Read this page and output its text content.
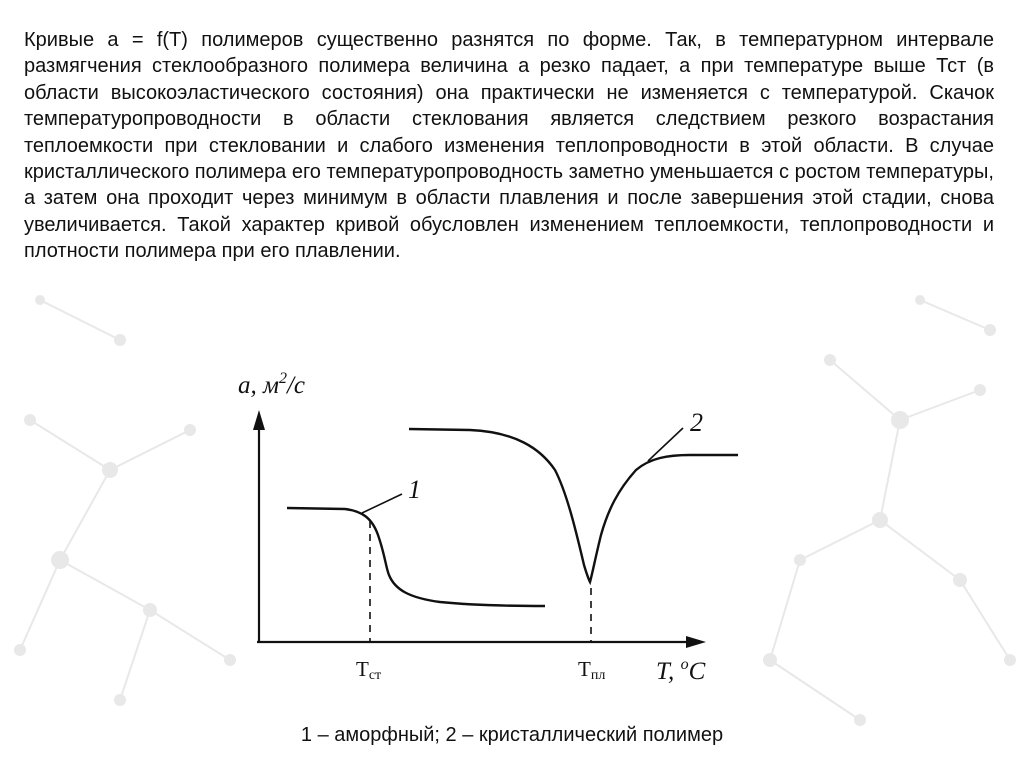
Кривые a = f(T) полимеров существенно разнятся по форме. Так, в температурном интервале размягчения стеклообразного полимера величина a резко падает, а при температуре выше Тст (в области высокоэластического состояния) она практически не изменяется с температурой. Скачок температуропроводности в области стеклования является следствием резкого возрастания теплоемкости при стекловании и слабого изменения теплопроводности в этой области. В случае кристаллического полимера его температуропроводность заметно уменьшается с ростом температуры, а затем она проходит через минимум в области плавления и после завершения этой стадии, снова увеличивается. Такой характер кривой обусловлен изменением теплоемкости, теплопроводности и плотности полимера при его плавлении.

a, $м^2/с$
T, $^o$C
1
2
Tст	Tпл
1 – аморфный; 2 – кристаллический полимер
